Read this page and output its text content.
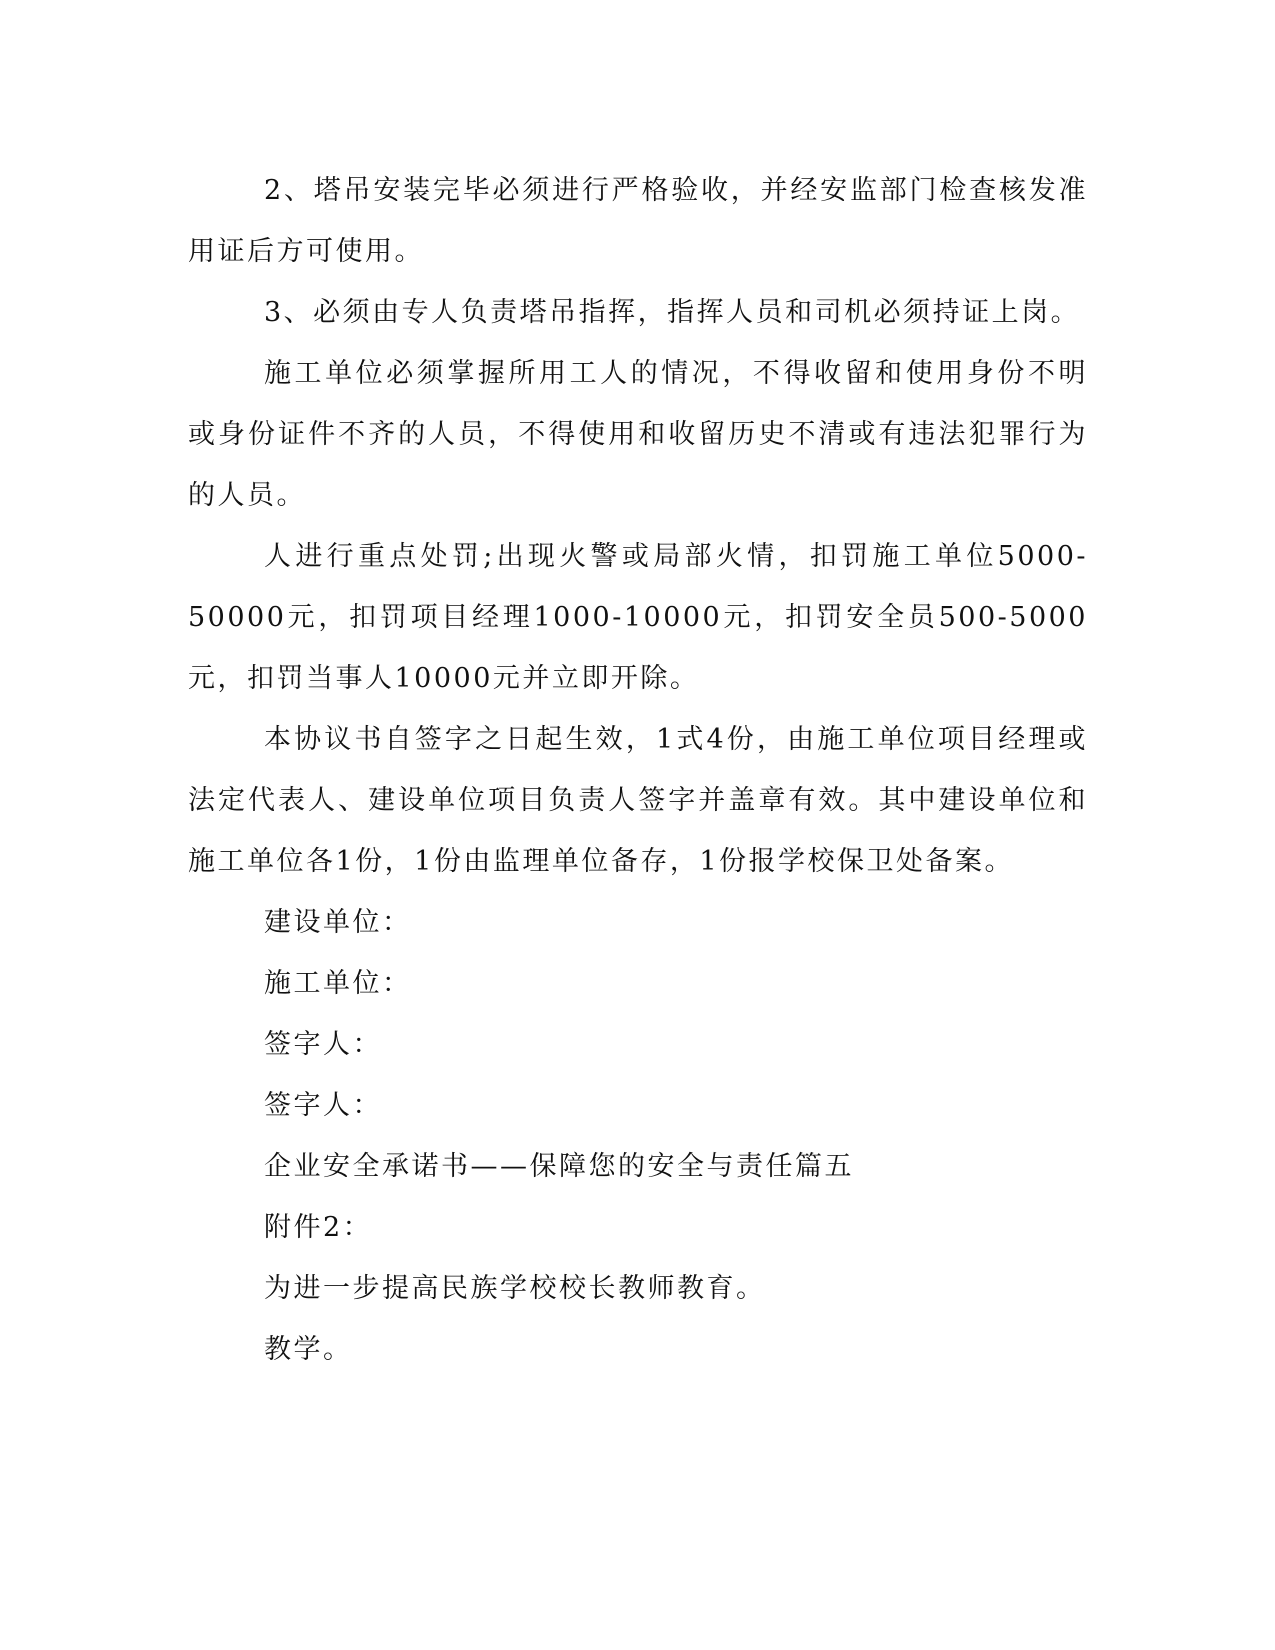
2、塔吊安装完毕必须进行严格验收，并经安监部门检查核发准用证后方可使用。

3、必须由专人负责塔吊指挥，指挥人员和司机必须持证上岗。

施工单位必须掌握所用工人的情况，不得收留和使用身份不明或身份证件不齐的人员，不得使用和收留历史不清或有违法犯罪行为的人员。

人进行重点处罚;出现火警或局部火情，扣罚施工单位5000-50000元，扣罚项目经理1000-10000元，扣罚安全员500-5000元，扣罚当事人10000元并立即开除。

本协议书自签字之日起生效，1式4份，由施工单位项目经理或法定代表人、建设单位项目负责人签字并盖章有效。其中建设单位和施工单位各1份，1份由监理单位备存，1份报学校保卫处备案。

建设单位：

施工单位：

签字人：

签字人：

企业安全承诺书——保障您的安全与责任篇五

附件2：

为进一步提高民族学校校长教师教育。

教学。
